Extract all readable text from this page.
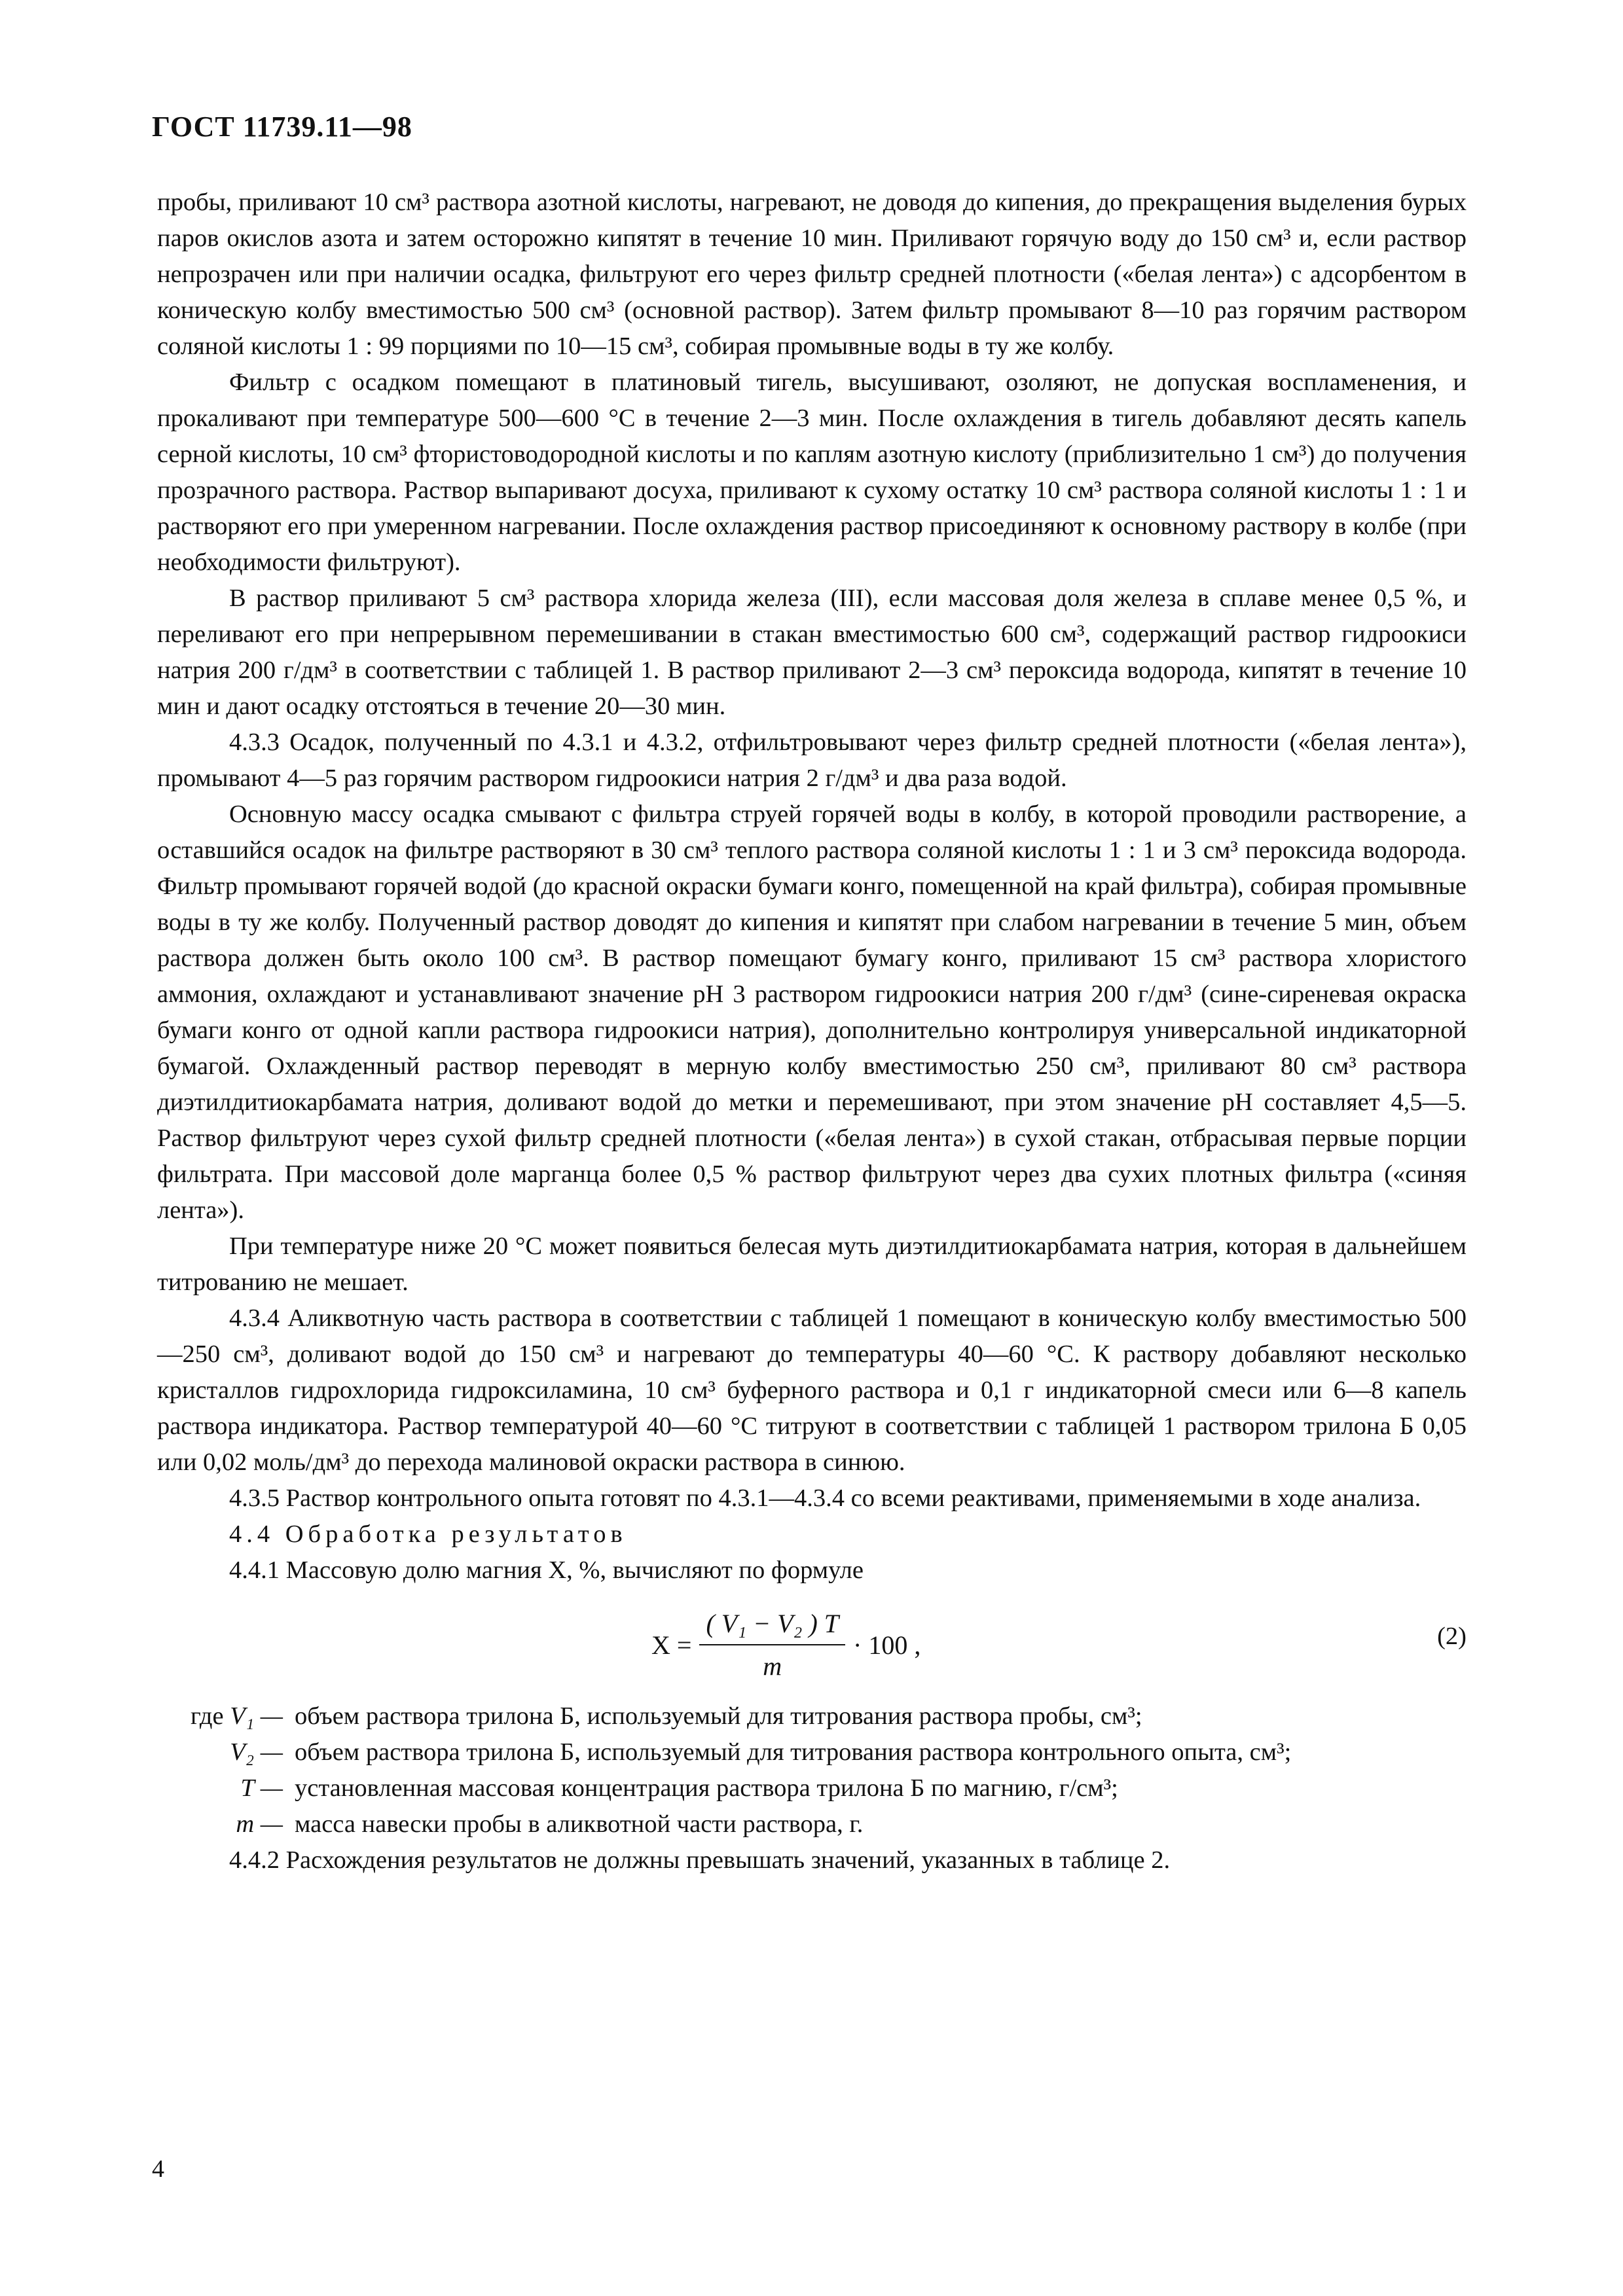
ГОСТ 11739.11—98

пробы, приливают 10 см³ раствора азотной кислоты, нагревают, не доводя до кипения, до прекращения выделения бурых паров окислов азота и затем осторожно кипятят в течение 10 мин. Приливают горячую воду до 150 см³ и, если раствор непрозрачен или при наличии осадка, фильтруют его через фильтр средней плотности («белая лента») с адсорбентом в коническую колбу вместимостью 500 см³ (основной раствор). Затем фильтр промывают 8—10 раз горячим раствором соляной кислоты 1 : 99 порциями по 10—15 см³, собирая промывные воды в ту же колбу.

Фильтр с осадком помещают в платиновый тигель, высушивают, озоляют, не допуская воспламенения, и прокаливают при температуре 500—600 °С в течение 2—3 мин. После охлаждения в тигель добавляют десять капель серной кислоты, 10 см³ фтористоводородной кислоты и по каплям азотную кислоту (приблизительно 1 см³) до получения прозрачного раствора. Раствор выпаривают досуха, приливают к сухому остатку 10 см³ раствора соляной кислоты 1 : 1 и растворяют его при умеренном нагревании. После охлаждения раствор присоединяют к основному раствору в колбе (при необходимости фильтруют).

В раствор приливают 5 см³ раствора хлорида железа (III), если массовая доля железа в сплаве менее 0,5 %, и переливают его при непрерывном перемешивании в стакан вместимостью 600 см³, содержащий раствор гидроокиси натрия 200 г/дм³ в соответствии с таблицей 1. В раствор приливают 2—3 см³ пероксида водорода, кипятят в течение 10 мин и дают осадку отстояться в течение 20—30 мин.

4.3.3 Осадок, полученный по 4.3.1 и 4.3.2, отфильтровывают через фильтр средней плотности («белая лента»), промывают 4—5 раз горячим раствором гидроокиси натрия 2 г/дм³ и два раза водой.

Основную массу осадка смывают с фильтра струей горячей воды в колбу, в которой проводили растворение, а оставшийся осадок на фильтре растворяют в 30 см³ теплого раствора соляной кислоты 1 : 1 и 3 см³ пероксида водорода. Фильтр промывают горячей водой (до красной окраски бумаги конго, помещенной на край фильтра), собирая промывные воды в ту же колбу. Полученный раствор доводят до кипения и кипятят при слабом нагревании в течение 5 мин, объем раствора должен быть около 100 см³. В раствор помещают бумагу конго, приливают 15 см³ раствора хлористого аммония, охлаждают и устанавливают значение рН 3 раствором гидроокиси натрия 200 г/дм³ (сине-сиреневая окраска бумаги конго от одной капли раствора гидроокиси натрия), дополнительно контролируя универсальной индикаторной бумагой. Охлажденный раствор переводят в мерную колбу вместимостью 250 см³, приливают 80 см³ раствора диэтилдитиокарбамата натрия, доливают водой до метки и перемешивают, при этом значение рН составляет 4,5—5. Раствор фильтруют через сухой фильтр средней плотности («белая лента») в сухой стакан, отбрасывая первые порции фильтрата. При массовой доле марганца более 0,5 % раствор фильтруют через два сухих плотных фильтра («синяя лента»).

При температуре ниже 20 °С может появиться белесая муть диэтилдитиокарбамата натрия, которая в дальнейшем титрованию не мешает.

4.3.4 Аликвотную часть раствора в соответствии с таблицей 1 помещают в коническую колбу вместимостью 500—250 см³, доливают водой до 150 см³ и нагревают до температуры 40—60 °С. К раствору добавляют несколько кристаллов гидрохлорида гидроксиламина, 10 см³ буферного раствора и 0,1 г индикаторной смеси или 6—8 капель раствора индикатора. Раствор температурой 40—60 °С титруют в соответствии с таблицей 1 раствором трилона Б 0,05 или 0,02 моль/дм³ до перехода малиновой окраски раствора в синюю.

4.3.5 Раствор контрольного опыта готовят по 4.3.1—4.3.4 со всеми реактивами, применяемыми в ходе анализа.

4.4 Обработка результатов

4.4.1 Массовую долю магния X, %, вычисляют по формуле

$X = \frac{\text{( V₁ − V₂ ) T}}{m} \cdot 100$ ,	(2)
где V₁ — объем раствора трилона Б, используемый для титрования раствора пробы, см³;
V₂ — объем раствора трилона Б, используемый для титрования раствора контрольного опыта, см³;
T — установленная массовая концентрация раствора трилона Б по магнию, г/см³;
m — масса навески пробы в аликвотной части раствора, г.

4.4.2 Расхождения результатов не должны превышать значений, указанных в таблице 2.

4
